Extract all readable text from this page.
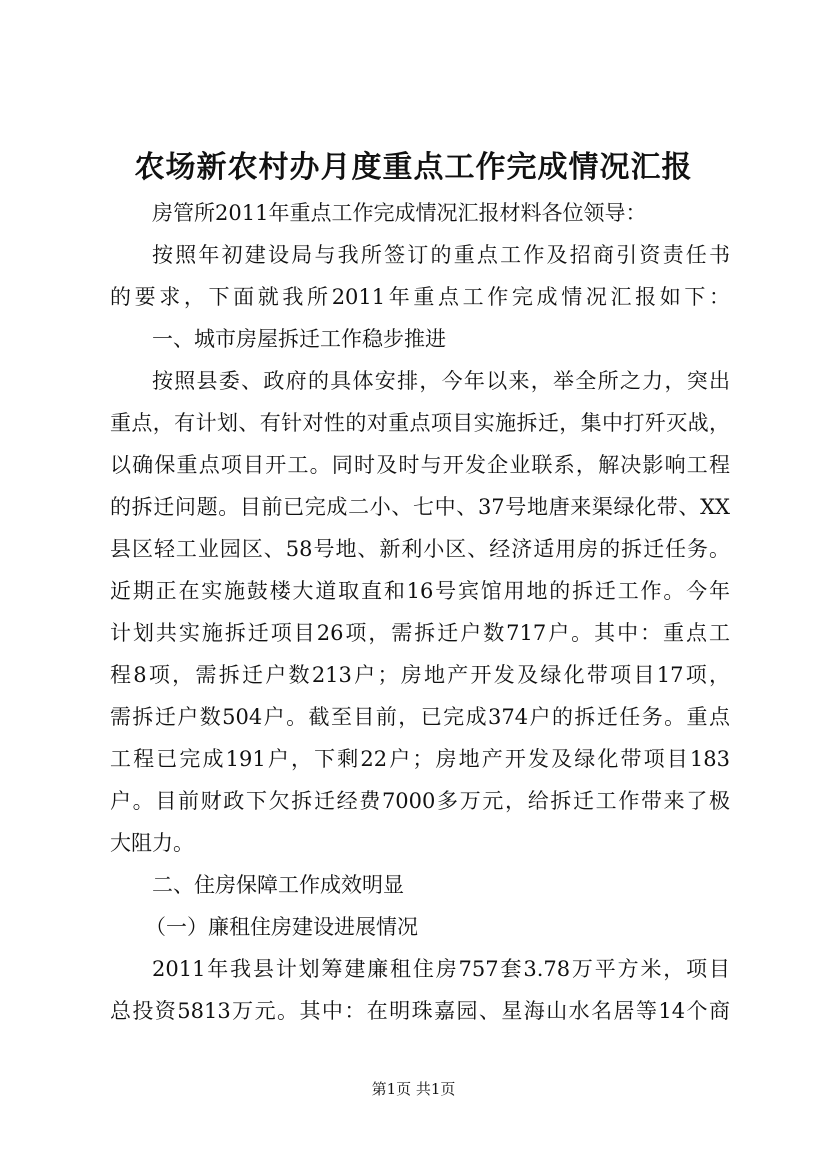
农场新农村办月度重点工作完成情况汇报
房管所2011年重点工作完成情况汇报材料各位领导：
按照年初建设局与我所签订的重点工作及招商引资责任书
的要求，下面就我所2011年重点工作完成情况汇报如下：
一、城市房屋拆迁工作稳步推进
按照县委、政府的具体安排，今年以来，举全所之力，突出
重点，有计划、有针对性的对重点项目实施拆迁，集中打歼灭战，
以确保重点项目开工。同时及时与开发企业联系，解决影响工程
的拆迁问题。目前已完成二小、七中、37号地唐来渠绿化带、XX
县区轻工业园区、58号地、新利小区、经济适用房的拆迁任务。
近期正在实施鼓楼大道取直和16号宾馆用地的拆迁工作。今年
计划共实施拆迁项目26项，需拆迁户数717户。其中：重点工
程8项，需拆迁户数213户；房地产开发及绿化带项目17项，
需拆迁户数504户。截至目前，已完成374户的拆迁任务。重点
工程已完成191户，下剩22户；房地产开发及绿化带项目183
户。目前财政下欠拆迁经费7000多万元，给拆迁工作带来了极
大阻力。
二、住房保障工作成效明显
（一）廉租住房建设进展情况
2011年我县计划筹建廉租住房757套3.78万平方米，项目
总投资5813万元。其中：在明珠嘉园、星海山水名居等14个商
第1页 共1页
